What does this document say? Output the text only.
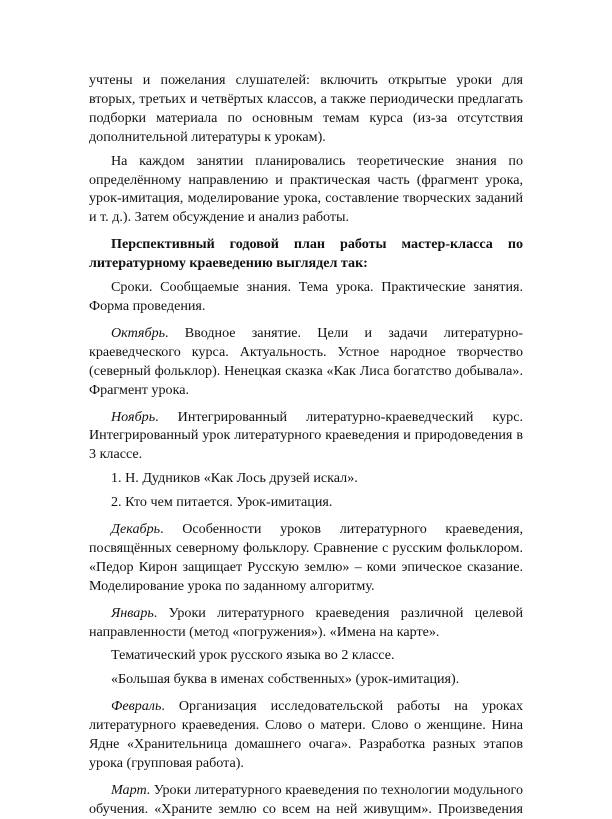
учтены и пожелания слушателей: включить открытые уроки для вторых, третьих и четвёртых классов, а также периодически предлагать подборки материала по основным темам курса (из-за отсутствия дополнительной литературы к урокам).

На каждом занятии планировались теоретические знания по определённому направлению и практическая часть (фрагмент урока, урок-имитация, моделирование урока, составление творческих заданий и т. д.). Затем обсуждение и анализ работы.

Перспективный годовой план работы мастер-класса по литературному краеведению выглядел так:

Сроки. Сообщаемые знания. Тема урока. Практические занятия. Форма проведения.

Октябрь. Вводное занятие. Цели и задачи литературно-краеведческого курса. Актуальность. Устное народное творчество (северный фольклор). Ненецкая сказка «Как Лиса богатство добывала». Фрагмент урока.

Ноябрь. Интегрированный литературно-краеведческий курс. Интегрированный урок литературного краеведения и природоведения в 3 классе.

1. Н. Дудников «Как Лось друзей искал».

2. Кто чем питается. Урок-имитация.

Декабрь. Особенности уроков литературного краеведения, посвящённых северному фольклору. Сравнение с русским фольклором. «Педор Кирон защищает Русскую землю» – коми эпическое сказание. Моделирование урока по заданному алгоритму.

Январь. Уроки литературного краеведения различной целевой направленности (метод «погружения»). «Имена на карте».

Тематический урок русского языка во 2 классе.

«Большая буква в именах собственных» (урок-имитация).

Февраль. Организация исследовательской работы на уроках литературного краеведения. Слово о матери. Слово о женщине. Нина Ядне «Хранительница домашнего очага». Разработка разных этапов урока (групповая работа).

Март. Уроки литературного краеведения по технологии модульного обучения. «Храните землю со всем на ней живущим». Произведения
